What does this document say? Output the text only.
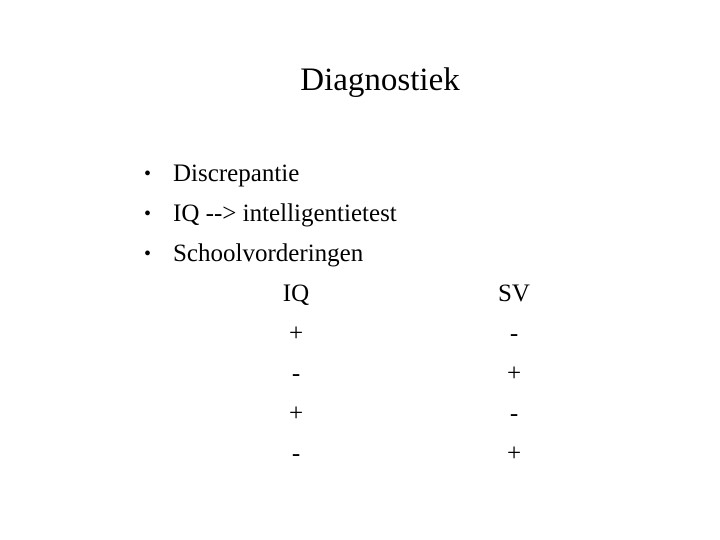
Diagnostiek
• Discrepantie
• IQ --> intelligentietest
• Schoolvorderingen
IQ	SV
+	-
-	+
+	-
-	+
